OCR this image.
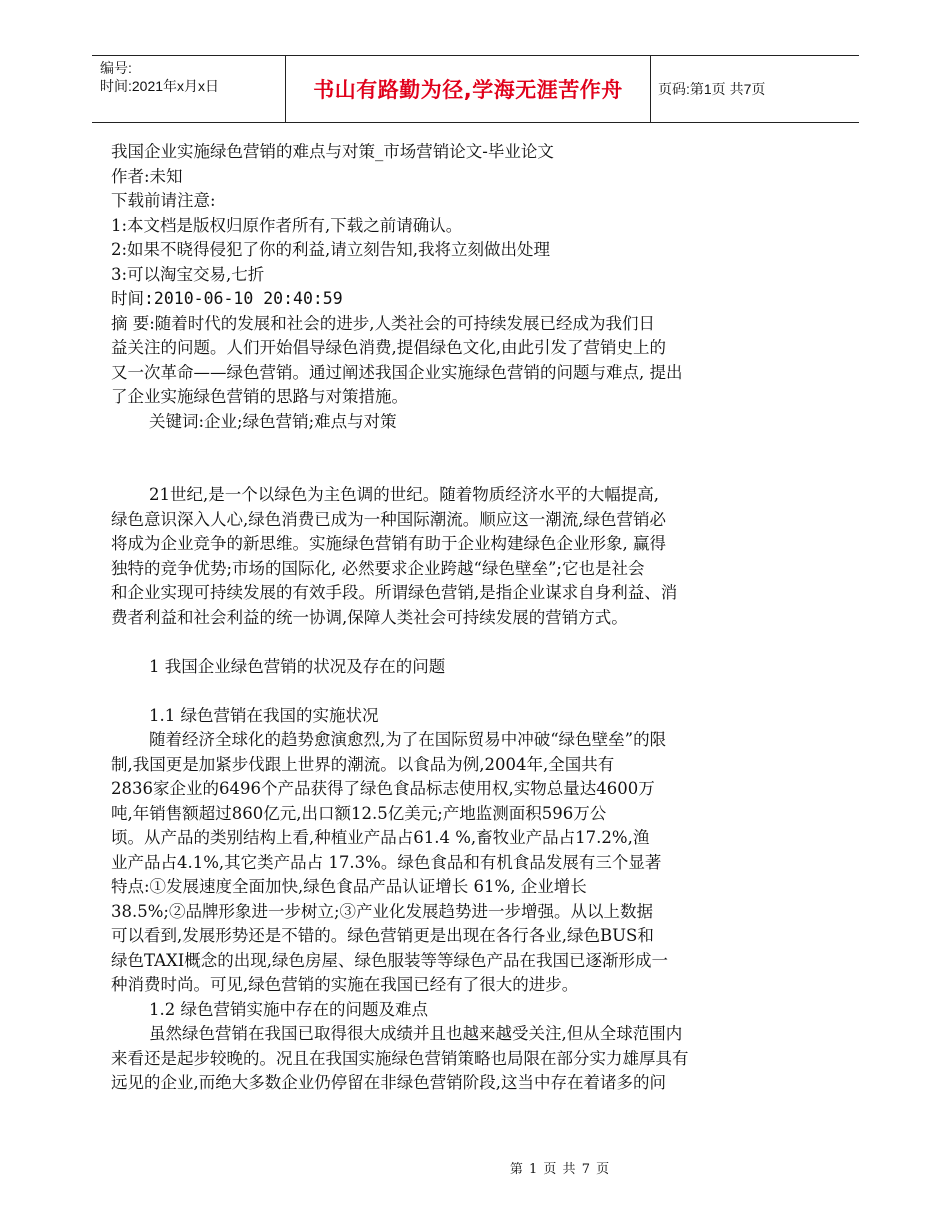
编号:
时间:2021年x月x日	书山有路勤为径,学海无涯苦作舟	页码:第1页 共7页
我国企业实施绿色营销的难点与对策_市场营销论文-毕业论文
作者:未知
下载前请注意:
1:本文档是版权归原作者所有,下载之前请确认。
2:如果不晓得侵犯了你的利益,请立刻告知,我将立刻做出处理
3:可以淘宝交易,七折
时间:2010-06-10 20:40:59
摘 要:随着时代的发展和社会的进步,人类社会的可持续发展已经成为我们日
益关注的问题。人们开始倡导绿色消费,提倡绿色文化,由此引发了营销史上的
又一次革命——绿色营销。通过阐述我国企业实施绿色营销的问题与难点, 提出
了企业实施绿色营销的思路与对策措施。
关键词:企业;绿色营销;难点与对策
21世纪,是一个以绿色为主色调的世纪。随着物质经济水平的大幅提高,
绿色意识深入人心,绿色消费已成为一种国际潮流。顺应这一潮流,绿色营销必
将成为企业竞争的新思维。实施绿色营销有助于企业构建绿色企业形象, 赢得
独特的竞争优势;市场的国际化, 必然要求企业跨越“绿色壁垒”;它也是社会
和企业实现可持续发展的有效手段。所谓绿色营销,是指企业谋求自身利益、消
费者利益和社会利益的统一协调,保障人类社会可持续发展的营销方式。
1 我国企业绿色营销的状况及存在的问题
1.1 绿色营销在我国的实施状况
随着经济全球化的趋势愈演愈烈,为了在国际贸易中冲破“绿色壁垒”的限
制,我国更是加紧步伐跟上世界的潮流。以食品为例,2004年,全国共有
2836家企业的6496个产品获得了绿色食品标志使用权,实物总量达4600万
吨,年销售额超过860亿元,出口额12.5亿美元;产地监测面积596万公
顷。从产品的类别结构上看,种植业产品占61.4 %,畜牧业产品占17.2%,渔
业产品占4.1%,其它类产品占 17.3%。绿色食品和有机食品发展有三个显著
特点:①发展速度全面加快,绿色食品产品认证增长 61%, 企业增长
38.5%;②品牌形象进一步树立;③产业化发展趋势进一步增强。从以上数据
可以看到,发展形势还是不错的。绿色营销更是出现在各行各业,绿色BUS和
绿色TAXI概念的出现,绿色房屋、绿色服装等等绿色产品在我国已逐渐形成一
种消费时尚。可见,绿色营销的实施在我国已经有了很大的进步。
1.2 绿色营销实施中存在的问题及难点
虽然绿色营销在我国已取得很大成绩并且也越来越受关注,但从全球范围内
来看还是起步较晚的。况且在我国实施绿色营销策略也局限在部分实力雄厚具有
远见的企业,而绝大多数企业仍停留在非绿色营销阶段,这当中存在着诸多的问
第 1 页 共 7 页
